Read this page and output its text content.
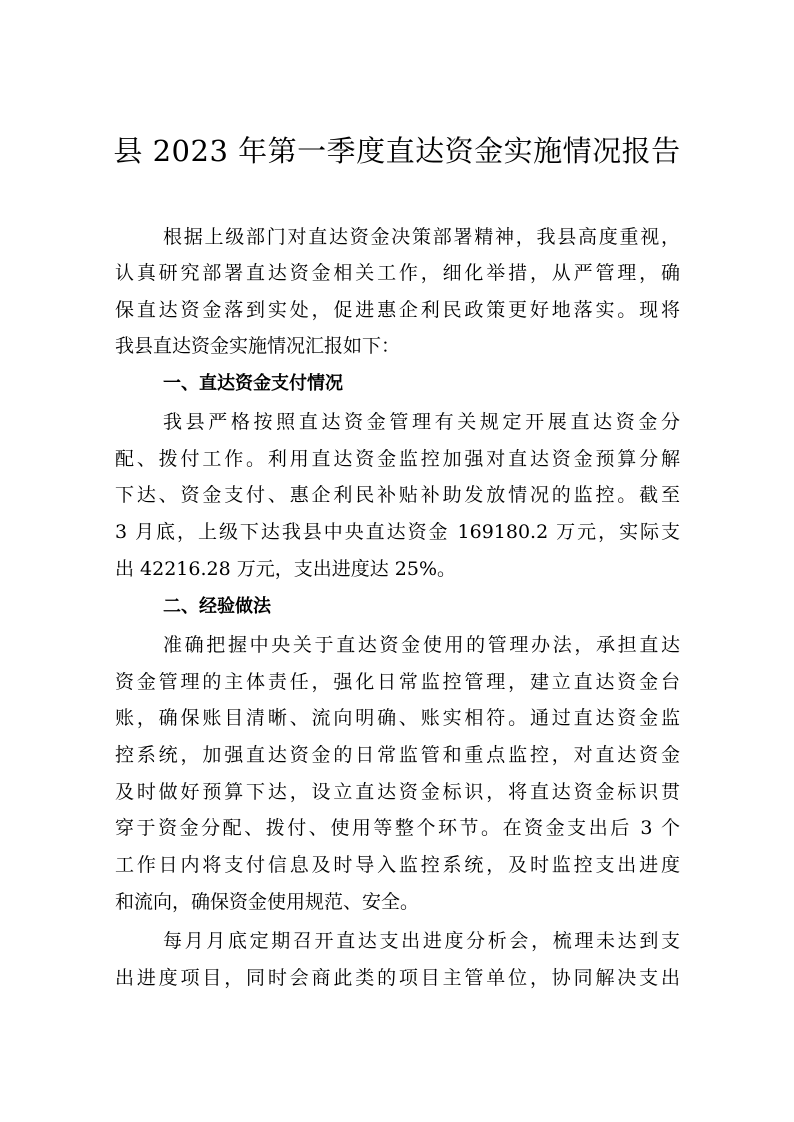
县 2023 年第一季度直达资金实施情况报告
根据上级部门对直达资金决策部署精神，我县高度重视，
认真研究部署直达资金相关工作，细化举措，从严管理，确
保直达资金落到实处，促进惠企利民政策更好地落实。现将
我县直达资金实施情况汇报如下：
一、直达资金支付情况
我县严格按照直达资金管理有关规定开展直达资金分
配、拨付工作。利用直达资金监控加强对直达资金预算分解
下达、资金支付、惠企利民补贴补助发放情况的监控。截至
3 月底，上级下达我县中央直达资金 169180.2 万元，实际支
出 42216.28 万元，支出进度达 25%。
二、经验做法
准确把握中央关于直达资金使用的管理办法，承担直达
资金管理的主体责任，强化日常监控管理，建立直达资金台
账，确保账目清晰、流向明确、账实相符。通过直达资金监
控系统，加强直达资金的日常监管和重点监控，对直达资金
及时做好预算下达，设立直达资金标识，将直达资金标识贯
穿于资金分配、拨付、使用等整个环节。在资金支出后 3 个
工作日内将支付信息及时导入监控系统，及时监控支出进度
和流向，确保资金使用规范、安全。
每月月底定期召开直达支出进度分析会，梳理未达到支
出进度项目，同时会商此类的项目主管单位，协同解决支出
